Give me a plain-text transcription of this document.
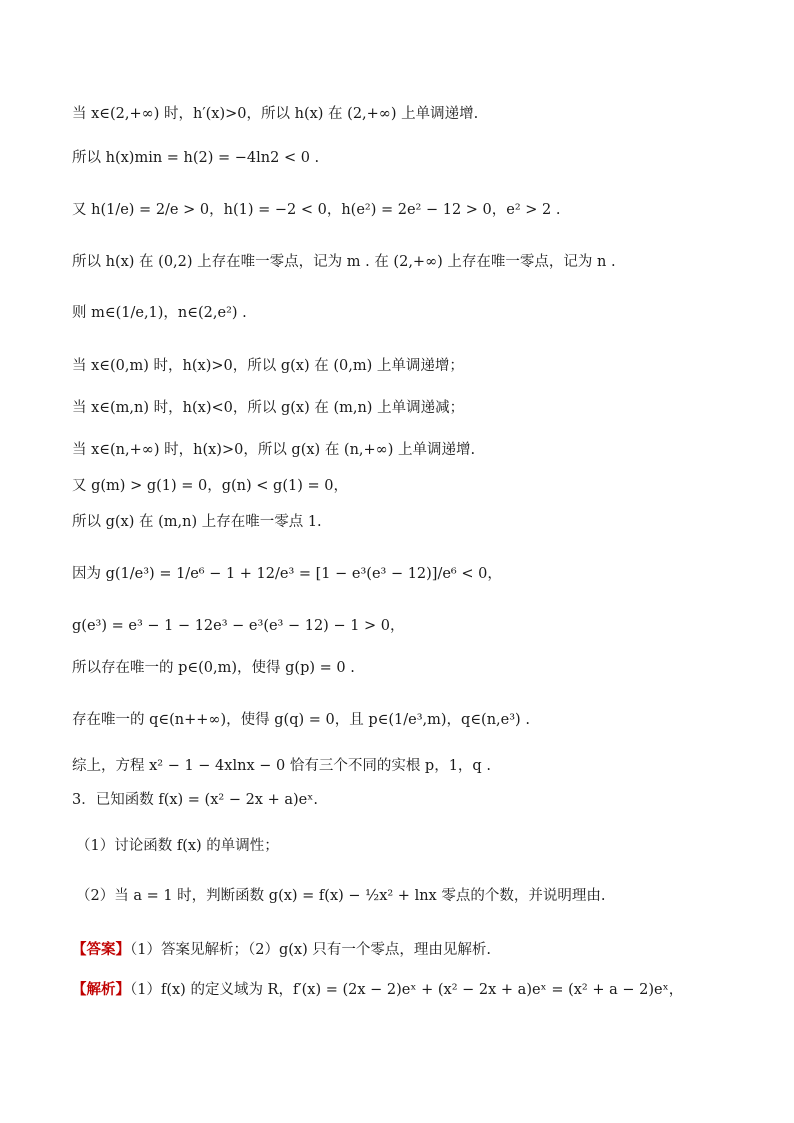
当 x∈(2,+∞) 时，h′(x)>0，所以 h(x) 在 (2,+∞) 上单调递增.
所以 h(x)min = h(2) = −4ln2 < 0 .
又 h(1/e) = 2/e > 0，h(1) = −2 < 0，h(e²) = 2e² − 12 > 0，e² > 2 .
所以 h(x) 在 (0,2) 上存在唯一零点，记为 m . 在 (2,+∞) 上存在唯一零点，记为 n .
则 m∈(1/e,1)，n∈(2,e²) .
当 x∈(0,m) 时，h(x)>0，所以 g(x) 在 (0,m) 上单调递增；
当 x∈(m,n) 时，h(x)<0，所以 g(x) 在 (m,n) 上单调递减；
当 x∈(n,+∞) 时，h(x)>0，所以 g(x) 在 (n,+∞) 上单调递增.
又 g(m) > g(1) = 0，g(n) < g(1) = 0，
所以 g(x) 在 (m,n) 上存在唯一零点 1.
因为 g(1/e³) = 1/e⁶ − 1 + 12/e³ = [1 − e³(e³ − 12)]/e⁶ < 0，
g(e³) = e³ − 1 − 12e³ − e³(e³ − 12) − 1 > 0，
所以存在唯一的 p∈(0,m)，使得 g(p) = 0 .
存在唯一的 q∈(n++∞)，使得 g(q) = 0，且 p∈(1/e³,m)，q∈(n,e³) .
综上，方程 x² − 1 − 4xlnx − 0 恰有三个不同的实根 p，1，q .
3．已知函数 f(x) = (x² − 2x + a)eˣ.
（1）讨论函数 f(x) 的单调性；
（2）当 a = 1 时，判断函数 g(x) = f(x) − ½x² + lnx 零点的个数，并说明理由.
【答案】（1）答案见解析；（2）g(x) 只有一个零点，理由见解析.
【解析】（1）f(x) 的定义域为 R，f′(x) = (2x − 2)eˣ + (x² − 2x + a)eˣ = (x² + a − 2)eˣ，
